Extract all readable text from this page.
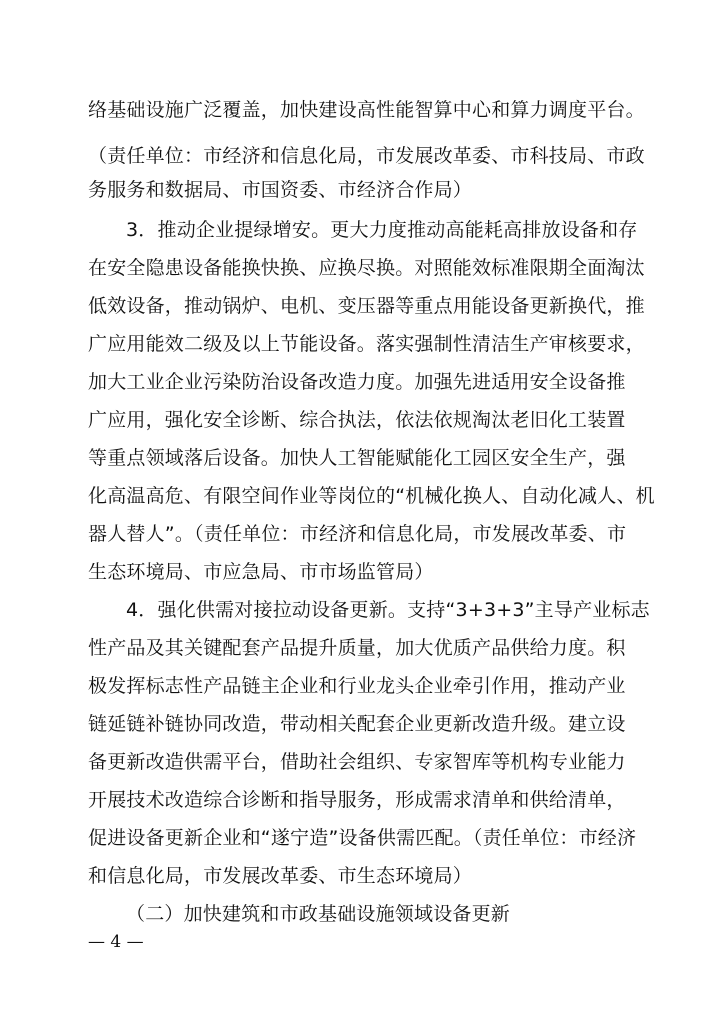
络基础设施广泛覆盖，加快建设高性能智算中心和算力调度平台。
（责任单位：市经济和信息化局，市发展改革委、市科技局、市政
务服务和数据局、市国资委、市经济合作局）
3．推动企业提绿增安。更大力度推动高能耗高排放设备和存
在安全隐患设备能换快换、应换尽换。对照能效标准限期全面淘汰
低效设备，推动锅炉、电机、变压器等重点用能设备更新换代，推
广应用能效二级及以上节能设备。落实强制性清洁生产审核要求，
加大工业企业污染防治设备改造力度。加强先进适用安全设备推
广应用，强化安全诊断、综合执法，依法依规淘汰老旧化工装置
等重点领域落后设备。加快人工智能赋能化工园区安全生产，强
化高温高危、有限空间作业等岗位的“机械化换人、自动化减人、机
器人替人”。（责任单位：市经济和信息化局，市发展改革委、市
生态环境局、市应急局、市市场监管局）
4．强化供需对接拉动设备更新。支持“3+3+3”主导产业标志
性产品及其关键配套产品提升质量，加大优质产品供给力度。积
极发挥标志性产品链主企业和行业龙头企业牵引作用，推动产业
链延链补链协同改造，带动相关配套企业更新改造升级。建立设
备更新改造供需平台，借助社会组织、专家智库等机构专业能力
开展技术改造综合诊断和指导服务，形成需求清单和供给清单，
促进设备更新企业和“遂宁造”设备供需匹配。（责任单位：市经济
和信息化局，市发展改革委、市生态环境局）
（二）加快建筑和市政基础设施领域设备更新
— 4 —
